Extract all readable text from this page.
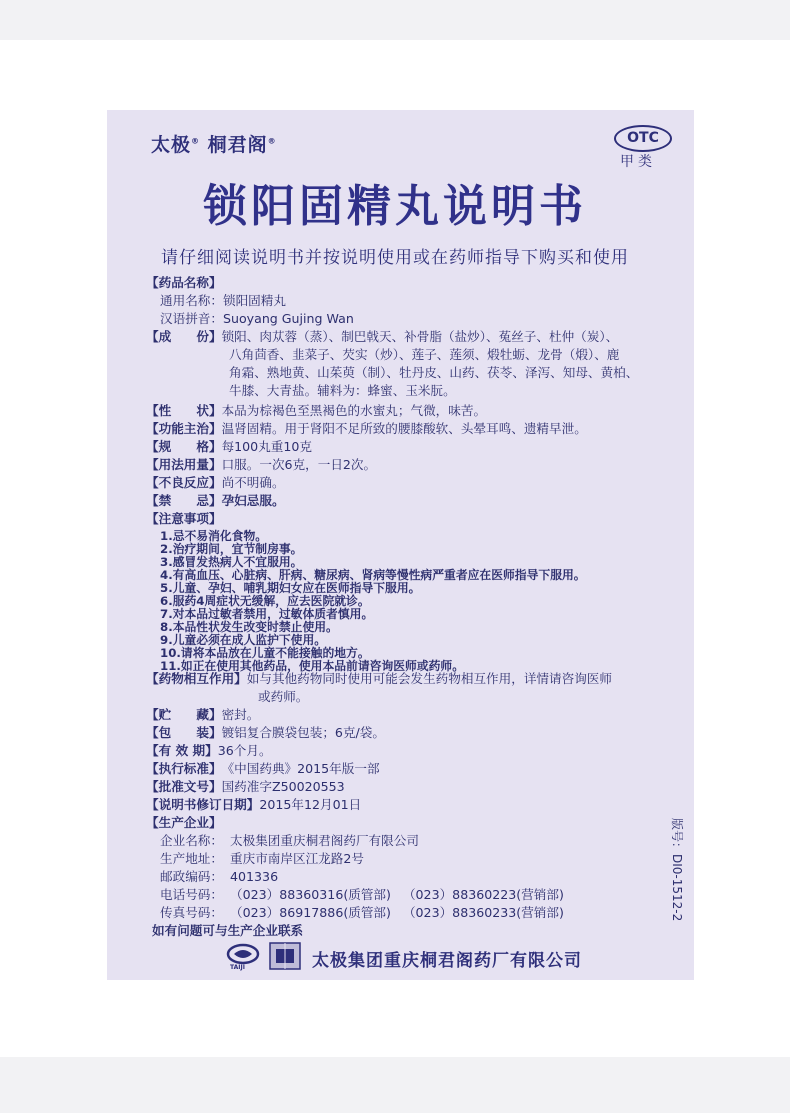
太极® 桐君阁®	OTC
甲类
锁阳固精丸说明书
请仔细阅读说明书并按说明使用或在药师指导下购买和使用
【药品名称】
通用名称：锁阳固精丸
汉语拼音：Suoyang Gujing Wan
【成　　份】锁阳、肉苁蓉（蒸）、制巴戟天、补骨脂（盐炒）、菟丝子、杜仲（炭）、
八角茴香、韭菜子、芡实（炒）、莲子、莲须、煅牡蛎、龙骨（煅）、鹿
角霜、熟地黄、山茱萸（制）、牡丹皮、山药、茯苓、泽泻、知母、黄柏、
牛膝、大青盐。辅料为：蜂蜜、玉米朊。
【性　　状】本品为棕褐色至黑褐色的水蜜丸；气微，味苦。
【功能主治】温肾固精。用于肾阳不足所致的腰膝酸软、头晕耳鸣、遗精早泄。
【规　　格】每100丸重10克
【用法用量】口服。一次6克，一日2次。
【不良反应】尚不明确。
【禁　　忌】孕妇忌服。
【注意事项】
1.忌不易消化食物。
2.治疗期间，宜节制房事。
3.感冒发热病人不宜服用。
4.有高血压、心脏病、肝病、糖尿病、肾病等慢性病严重者应在医师指导下服用。
5.儿童、孕妇、哺乳期妇女应在医师指导下服用。
6.服药4周症状无缓解，应去医院就诊。
7.对本品过敏者禁用，过敏体质者慎用。
8.本品性状发生改变时禁止使用。
9.儿童必须在成人监护下使用。
10.请将本品放在儿童不能接触的地方。
11.如正在使用其他药品，使用本品前请咨询医师或药师。
【药物相互作用】如与其他药物同时使用可能会发生药物相互作用，详情请咨询医师
或药师。
【贮　　藏】密封。
【包　　装】镀铝复合膜袋包装；6克/袋。
【有 效 期】36个月。
【执行标准】《中国药典》2015年版一部
【批准文号】国药准字Z50020553
【说明书修订日期】2015年12月01日
【生产企业】
企业名称： 太极集团重庆桐君阁药厂有限公司
生产地址： 重庆市南岸区江龙路2号
邮政编码： 401336
电话号码： （023）88360316(质管部) （023）88360223(营销部)	版号：DI0-1512-2
传真号码： （023）86917886(质管部) （023）88360233(营销部)
如有问题可与生产企业联系
TAIJI	太极集团重庆桐君阁药厂有限公司
